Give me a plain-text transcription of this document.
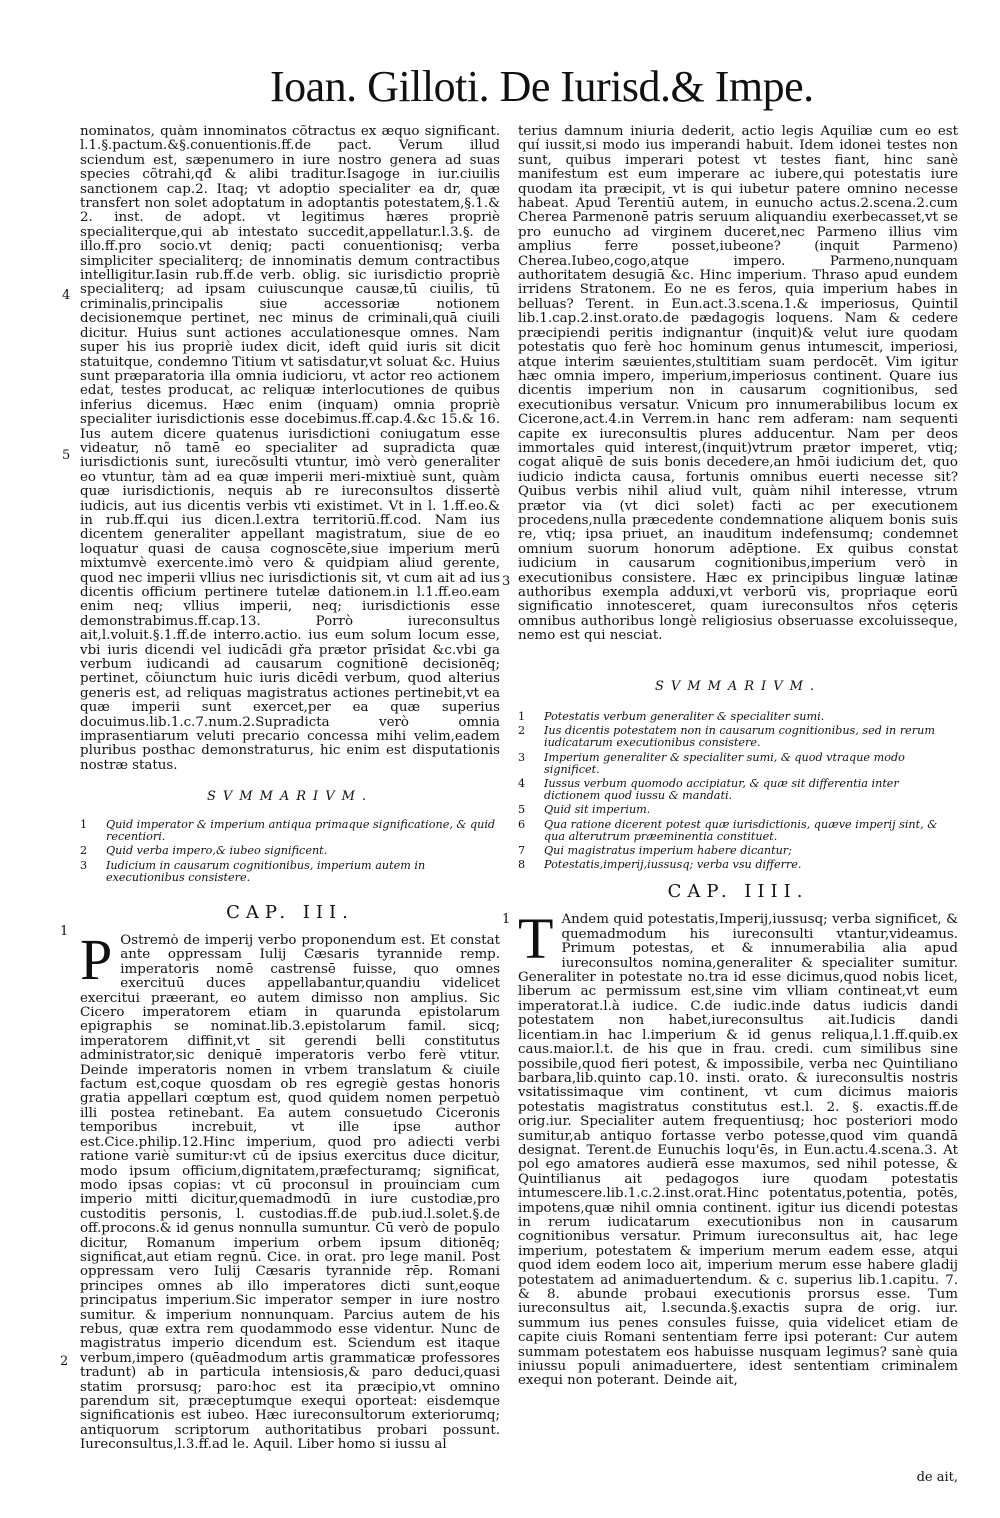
Ioan. Gilloti. De Iurisd.& Impe.

nominatos, quàm innominatos cõtractus ex æquo significant. l.1.§.pactum.&§.conuentionis.ff.de pact. Verum illud sciendum est, sæpenumero in iure nostro genera ad suas species cõtrahi,qđ & alibi traditur.Isagoge in iur.ciuilis sanctionem cap.2. Itaq; vt adoptio specialiter ea dr, quæ transfert non solet adoptatum in adoptantis potestatem,§.1.& 2. inst. de adopt. vt legitimus hæres propriè specialiterque,qui ab intestato succedit,appellatur.l.3.§. de illo.ff.pro socio.vt deniq; pacti conuentionisq; verba simpliciter specialiterq; de innominatis demum contractibus intelligitur.Iasin rub.ff.de verb. oblig. sic iurisdictio propriè specialiterq; ad ipsam cuiuscunque causæ,tū ciuilis, tū criminalis,principalis siue accessoriæ notionem decisionemque pertinet, nec minus de criminali,quā ciuili dicitur. Huius sunt actiones acculationesque omnes. Nam super his ius propriè iudex dicit, ideft quid iuris sit dicit statuitque, condemno Titium vt satisdatur,vt soluat &c. Huius sunt præparatoria illa omnia iudicioru, vt actor reo actionem edat, testes producat, ac reliquæ interlocutiones de quibus inferius dicemus. Hæc enim (inquam) omnia propriè specialiter iurisdictionis esse docebimus.ff.cap.4.&c 15.& 16. Ius autem dicere quatenus iurisdictioni coniugatum esse videatur, nõ tamē eo specialiter ad supradicta quæ iurisdictionis sunt, iurecõsulti vtuntur, imò verò generaliter eo vtuntur, tàm ad ea quæ imperii meri-mixtiuè sunt, quàm quæ iurisdictionis, nequis ab re iureconsultos dissertè iudicis, aut ius dicentis verbis vti existimet. Vt in l. 1.ff.eo.& in rub.ff.qui ius dicen.l.extra territoriū.ff.cod. Nam ius dicentem generaliter appellant magistratum, siue de eo loquatur quasi de causa cognoscēte,siue imperium merū mixtumvè exercente.imò vero & quidpiam aliud gerente, quod nec imperii vllius nec iurisdictionis sit, vt cum ait ad ius dicentis officium pertinere tutelæ dationem.in l.1.ff.eo.eam enim neq; vllius imperii, neq; iurisdictionis esse demonstrabimus.ff.cap.13. Porrò iureconsultus ait,l.voluit.§.1.ff.de interro.actio. ius eum solum locum esse, vbi iuris dicendi vel iudicādi gřa prætor prīsidat &c.vbi ga verbum iudicandi ad causarum cognitionē decisionēq; pertinet, cõiunctum huic iuris dicēdi verbum, quod alterius generis est, ad reliquas magistratus actiones pertinebit,vt ea quæ imperii sunt exercet,per ea quæ superius docuimus.lib.1.c.7.num.2.Supradicta verò omnia imprasentiarum veluti precario concessa mihi velim,eadem pluribus posthac demonstraturus, hic enim est disputationis nostræ status.

4
5

SVMMARIVM.

1 Quid imperator & imperium antiqua primaque significatione, & quid recentiori.
2 Quid verba impero,& iubeo significent.
3 Iudicium in causarum cognitionibus, imperium autem in executionibus consistere.

CAP. III.

P Ostremò de imperij verbo proponendum est. Et constat ante oppressam Iulij Cæsaris tyrannide remp. imperatoris nomē castrensē fuisse, quo omnes exercituū duces appellabantur,quandiu videlicet exercitui præerant, eo autem dimisso non amplius. Sic Cicero imperatorem etiam in quarunda epistolarum epigraphis se nominat.lib.3.epistolarum famil. sicq; imperatorem diffinit,vt sit gerendi belli constitutus administrator,sic deniquē imperatoris verbo ferè vtitur. Deinde imperatoris nomen in vrbem translatum & ciuile factum est,coque quosdam ob res egregiè gestas honoris gratia appellari cœptum est, quod quidem nomen perpetuò illi postea retinebant. Ea autem consuetudo Ciceronis temporibus increbuit, vt ille ipse author est.Cice.philip.12.Hinc imperium, quod pro adiecti verbi ratione variè sumitur:vt cū de ipsius exercitus duce dicitur, modo ipsum officium,dignitatem,præfecturamq; significat, modo ipsas copias: vt cū proconsul in prouinciam cum imperio mitti dicitur,quemadmodū in iure custodiæ,pro custoditis personis, l. custodias.ff.de pub.iud.l.solet.§.de off.procons.& id genus nonnulla sumuntur. Cū verò de populo dicitur, Romanum imperium orbem ipsum ditionēq; significat,aut etiam regnū. Cice. in orat. pro lege manil. Post oppressam vero Iulij Cæsaris tyrannide rēp. Romani principes omnes ab illo imperatores dicti sunt,eoque principatus imperium.Sic imperator semper in iure nostro sumitur. & imperium nonnunquam. Parcius autem de his rebus, quæ extra rem quodammodo esse videntur. Nunc de magistratus imperio dicendum est. Sciendum est itaque verbum,impero (quēadmodum artis grammaticæ professores tradunt) ab in particula intensiosis,& paro deduci,quasi statim prorsusq; paro:hoc est ita præcipio,vt omnino parendum sit, præceptumque exequi oporteat: eisdemque significationis est iubeo. Hæc iureconsultorum exteriorumq; antiquorum scriptorum authoritatibus probari possunt. Iureconsultus,l.3.ff.ad le. Aquil. Liber homo si iussu al

1
2

terius damnum iniuria dederit, actio legis Aquiliæ cum eo est quí iussit,si modo ius imperandi habuit. Idem idonei testes non sunt, quibus imperari potest vt testes fiant, hinc sanè manifestum est eum imperare ac iubere,qui potestatis iure quodam ita præcipit, vt is qui iubetur patere omnino necesse habeat. Apud Terentiū autem, in eunucho actus.2.scena.2.cum Cherea Parmenonē patris seruum aliquandiu exerbecasset,vt se pro eunucho ad virginem duceret,nec Parmeno illius vim amplius ferre posset,iubeone? (inquit Parmeno) Cherea.Iubeo,cogo,atque impero. Parmeno,nunquam authoritatem desugiā &c. Hinc imperium. Thraso apud eundem irridens Stratonem. Eo ne es feros, quia imperium habes in belluas? Terent. in Eun.act.3.scena.1.& imperiosus, Quintil lib.1.cap.2.inst.orato.de pædagogis loquens. Nam & cedere præcipiendi peritis indignantur (inquit)& velut iure quodam potestatis quo ferè hoc hominum genus intumescit, imperiosi, atque interim sæuientes,stultitiam suam perdocēt. Vim igitur hæc omnia impero, imperium,imperiosus continent. Quare ius dicentis imperium non in causarum cognitionibus, sed executionibus versatur. Vnicum pro innumerabilibus locum ex Cicerone,act.4.in Verrem.in hanc rem adferam: nam sequenti capite ex iureconsultis plures adducentur. Nam per deos immortales quid interest,(inquit)vtrum prætor imperet, vtiq; cogat aliquē de suis bonis decedere,an hmōi iudicium det, quo iudicio indicta causa, fortunis omnibus euerti necesse sit? Quibus verbis nihil aliud vult, quàm nihil interesse, vtrum prætor via (vt dici solet) facti ac per executionem procedens,nulla præcedente condemnatione aliquem bonis suis re, vtiq; ipsa priuet, an inauditum indefensumq; condemnet omnium suorum honorum adēptione. Ex quibus constat iudicium in causarum cognitionibus,imperium verò in executionibus consistere. Hæc ex principibus linguæ latinæ authoribus exempla adduxi,vt verborū vis, propriaque eorū significatio innotesceret, quam iureconsultos nřos cęteris omnibus authoribus longè religiosius obseruasse excoluisseque, nemo est qui nesciat.

3

SVMMARIVM.

1 Potestatis verbum generaliter & specialiter sumi.
2 Ius dicentis potestatem non in causarum cognitionibus, sed in rerum iudicatarum executionibus consistere.
3 Imperium generaliter & specialiter sumi, & quod vtraque modo significet.
4 Iussus verbum quomodo accipiatur, & quæ sit differentia inter dictionem quod iussu & mandati.
5 Quid sit imperium.
6 Qua ratione dicerent potest quæ iurisdictionis, quæve imperij sint, & qua alterutrum præeminentia constituet.
7 Qui magistratus imperium habere dicantur;
8 Potestatis,imperij,iussusq; verba vsu differre.

CAP. IIII.

T Andem quid potestatis,Imperij,iussusq; verba significet, & quemadmodum his iureconsulti vtantur,videamus. Primum potestas, et & innumerabilia alia apud iureconsultos nomina,generaliter & specialiter sumitur. Generaliter in potestate no.tra id esse dicimus,quod nobis licet, liberum ac permissum est,sine vim vlliam contineat,vt eum imperatorat.l.à iudice. C.de iudic.inde datus iudicis dandi potestatem non habet,iureconsultus ait.Iudicis dandi licentiam.in hac l.imperium & id genus reliqua,l.1.ff.quib.ex caus.maior.l.t. de his que in frau. credi. cum similibus sine possibile,quod fieri potest, & impossibile, verba nec Quintiliano barbara,lib.quinto cap.10. insti. orato. & iureconsultis nostris vsitatissimaque vim continent, vt cum dicimus maioris potestatis magistratus constitutus est.l. 2. §. exactis.ff.de orig.iur. Specialiter autem frequentiusq; hoc posteriori modo sumitur,ab antiquo fortasse verbo potesse,quod vim quandā designat. Terent.de Eunuchis loqu'ēs, in Eun.actu.4.scena.3. At pol ego amatores audierā esse maxumos, sed nihil potesse, & Quintilianus ait pedagogos iure quodam potestatis intumescere.lib.1.c.2.inst.orat.Hinc potentatus,potentia, potēs, impotens,quæ nihil omnia continent. igitur ius dicendi potestas in rerum iudicatarum executionibus non in causarum cognitionibus versatur. Primum iureconsultus ait, hac lege imperium, potestatem & imperium merum eadem esse, atqui quod idem eodem loco ait, imperium merum esse habere gladij potestatem ad animaduertendum. & c. superius lib.1.capitu. 7. & 8. abunde probaui executionis prorsus esse. Tum iureconsultus ait, l.secunda.§.exactis supra de orig. iur. summum ius penes consules fuisse, quia videlicet etiam de capite ciuis Romani sententiam ferre ipsi poterant: Cur autem summam potestatem eos habuisse nusquam legimus? sanè quia iniussu populi animaduertere, idest sententiam criminalem exequi non poterant. Deinde ait,

1

de ait,
